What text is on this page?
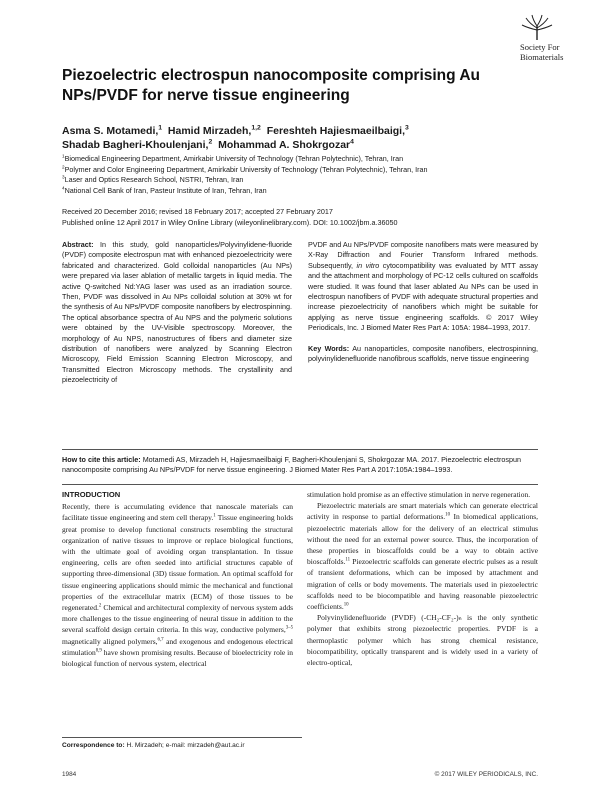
Society For
Biomaterials
Piezoelectric electrospun nanocomposite comprising Au NPs/PVDF for nerve tissue engineering
Asma S. Motamedi,$^1$ Hamid Mirzadeh,$^{1,2}$ Fereshteh Hajiesmaeilbaigi,$^3$
Shadab Bagheri-Khoulenjani,$^2$ Mohammad A. Shokrgozar$^4$
$^1$Biomedical Engineering Department, Amirkabir University of Technology (Tehran Polytechnic), Tehran, Iran
$^2$Polymer and Color Engineering Department, Amirkabir University of Technology (Tehran Polytechnic), Tehran, Iran
$^3$Laser and Optics Research School, NSTRI, Tehran, Iran
$^4$National Cell Bank of Iran, Pasteur Institute of Iran, Tehran, Iran
Received 20 December 2016; revised 18 February 2017; accepted 27 February 2017
Published online 12 April 2017 in Wiley Online Library (wileyonlinelibrary.com). DOI: 10.1002/jbm.a.36050
Abstract: In this study, gold nanoparticles/Polyvinylidene-fluoride (PVDF) composite electrospun mat with enhanced piezoelectricity were fabricated and characterized. Gold colloidal nanoparticles (Au NPs) were prepared via laser ablation of metallic targets in liquid media. The active Q-switched Nd:YAG laser was used as an irradiation source. Then, PVDF was dissolved in Au NPs colloidal solution at 30% wt for the synthesis of Au NPs/PVDF composite nanofibers by electrospinning. The optical absorbance spectra of Au NPS and the polymeric solutions were obtained by the UV-Visible spectroscopy. Moreover, the morphology of Au NPS, nanostructures of fibers and diameter size distribution of nanofibers were analyzed by Scanning Electron Microscopy, Field Emission Scanning Electron Microscopy, and Transmitted Electron Microscopy methods. The crystallinity and piezoelectricity of
PVDF and Au NPs/PVDF composite nanofibers mats were measured by X-Ray Diffraction and Fourier Transform Infrared methods. Subsequently, in vitro cytocompatibility was evaluated by MTT assay and the attachment and morphology of PC-12 cells cultured on scaffolds were studied. It was found that laser ablated Au NPs can be used in electrospun nanofibers of PVDF with adequate structural properties and increase piezoelectricity of nanofibers which might be suitable for applying as nerve tissue engineering scaffolds. © 2017 Wiley Periodicals, Inc. J Biomed Mater Res Part A: 105A: 1984–1993, 2017.
Key Words: Au nanoparticles, composite nanofibers, electrospinning, polyvinylidenefluoride nanofibrous scaffolds, nerve tissue engineering
How to cite this article: Motamedi AS, Mirzadeh H, Hajiesmaeilbaigi F, Bagheri-Khoulenjani S, Shokrgozar MA. 2017. Piezoelectric electrospun nanocomposite comprising Au NPs/PVDF for nerve tissue engineering. J Biomed Mater Res Part A 2017:105A:1984–1993.
INTRODUCTION

Recently, there is accumulating evidence that nanoscale materials can facilitate tissue engineering and stem cell therapy.$^1$ Tissue engineering holds great promise to develop functional constructs resembling the structural organization of native tissues to improve or replace biological functions, with the ultimate goal of avoiding organ transplantation. In tissue engineering, cells are often seeded into artificial structures capable of supporting three-dimensional (3D) tissue formation. An optimal scaffold for tissue engineering applications should mimic the mechanical and functional properties of the extracellular matrix (ECM) of those tissues to be regenerated.$^2$ Chemical and architectural complexity of nervous system adds more challenges to the tissue engineering of neural tissue in addition to the several scaffold design certain criteria. In this way, conductive polymers,$^{3-5}$ magnetically aligned polymers,$^{6,7}$ and exogenous and endogenous electrical stimulation$^{8,9}$ have shown promising results. Because of bioelectricity role in biological function of nervous system, electrical

stimulation hold promise as an effective stimulation in nerve regeneration.

Piezoelectric materials are smart materials which can generate electrical activity in response to partial deformations.$^{10}$ In biomedical applications, piezoelectric materials allow for the delivery of an electrical stimulus without the need for an external power source. Thus, the incorporation of these properties in bioscaffolds could be a way to obtain active bioscaffolds.$^{11}$ Piezoelectric scaffolds can generate electric pulses as a result of transient deformations, which can be imposed by attachment and migration of cells or body movements. The materials used in piezoelectric scaffolds need to be biocompatible and having reasonable piezoelectric coefficients.$^{10}$

Polyvinylidenefluoride (PVDF) (-CH₂-CF₂-)ₙ is the only synthetic polymer that exhibits strong piezoelectric properties. PVDF is a thermoplastic polymer which has strong chemical resistance, biocompatibility, optically transparent and is widely used in a variety of electro-optical,

Correspondence to: H. Mirzadeh; e-mail: mirzadeh@aut.ac.ir
1984	© 2017 WILEY PERIODICALS, INC.
